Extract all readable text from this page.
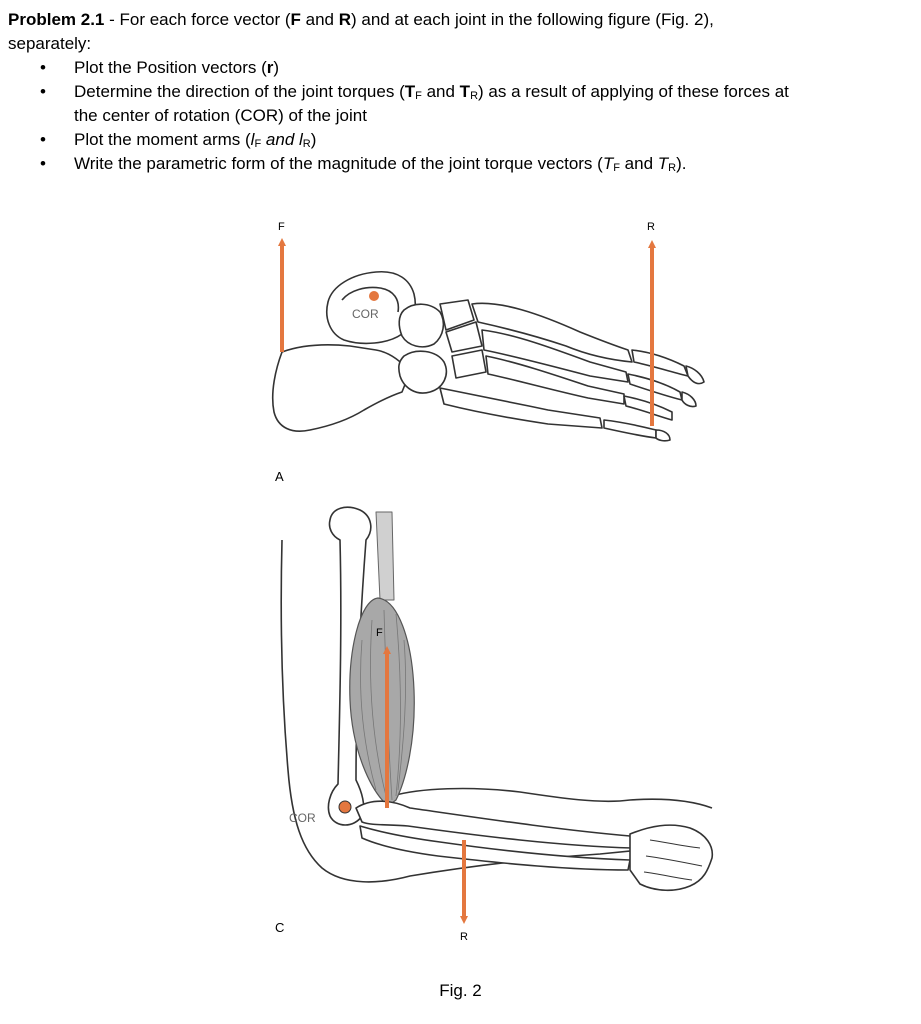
Problem 2.1 - For each force vector (F and R) and at each joint in the following figure (Fig. 2),
separately:

• Plot the Position vectors (r)
• Determine the direction of the joint torques ($T_F$ and $T_R$) as a result of applying of these forces at
the center of rotation (COR) of the joint
• Plot the moment arms ($l_F$ and $l_R$)
• Write the parametric form of the magnitude of the joint torque vectors ($T_F$ and $T_R$).
COR
F	R
A
COR
F
R
C
Fig. 2
